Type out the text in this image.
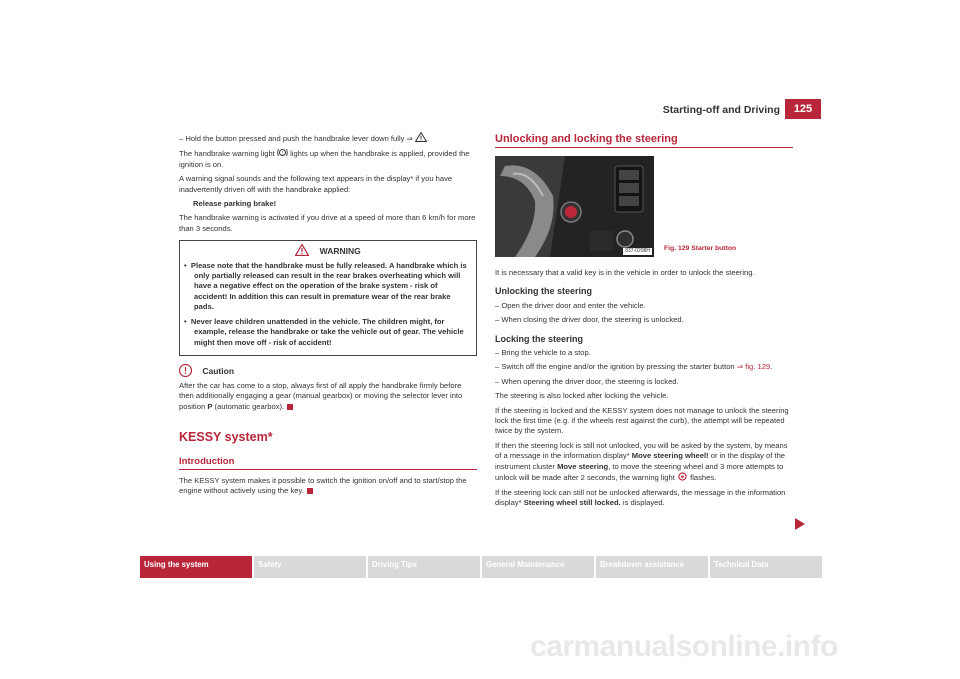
Starting-off and Driving	125

– Hold the button pressed and push the handbrake lever down fully ⇒ .

The handbrake warning light ! lights up when the handbrake is applied, provided the ignition is on.

A warning signal sounds and the following text appears in the display* if you have inadvertently driven off with the handbrake applied:

Release parking brake!

The handbrake warning is activated if you drive at a speed of more than 6 km/h for more than 3 seconds.

WARNING

•  Please note that the handbrake must be fully released. A handbrake which is only partially released can result in the rear brakes overheating which will have a negative effect on the operation of the brake system - risk of accident! In addition this can result in premature wear of the rear brake pads.

•  Never leave children unattended in the vehicle. The children might, for example, release the handbrake or take the vehicle out of gear. The vehicle might then move off - risk of accident!

Caution

After the car has come to a stop, always first of all apply the handbrake firmly before then additionally engaging a gear (manual gearbox) or moving the selector lever into position P (automatic gearbox).

KESSY system*
Introduction

The KESSY system makes it possible to switch the ignition on/off and to start/stop the engine without actively using the key.

Unlocking and locking the steering
837-0298H Fig. 129 Starter button

It is necessary that a valid key is in the vehicle in order to unlock the steering.

Unlocking the steering

– Open the driver door and enter the vehicle.

– When closing the driver door, the steering is unlocked.

Locking the steering

– Bring the vehicle to a stop.

– Switch off the engine and/or the ignition by pressing the starter button ⇒ fig. 129.

– When opening the driver door, the steering is locked.

The steering is also locked after locking the vehicle.

If the steering is locked and the KESSY system does not manage to unlock the steering lock the first time (e.g. if the wheels rest against the curb), the attempt will be repeated twice by the system.

If then the steering lock is still not unlocked, you will be asked by the system, by means of a message in the information display* Move steering wheel! or in the display of the instrument cluster Move steering, to move the steering wheel and 3 more attempts to unlock will be made after 2 seconds, the warning light flashes.

If the steering lock can still not be unlocked afterwards, the message in the information display* Steering wheel still locked. is displayed.

Using the system	Safety	Driving Tips	General Maintenance	Breakdown assistance	Technical Data
carmanualsonline.info
